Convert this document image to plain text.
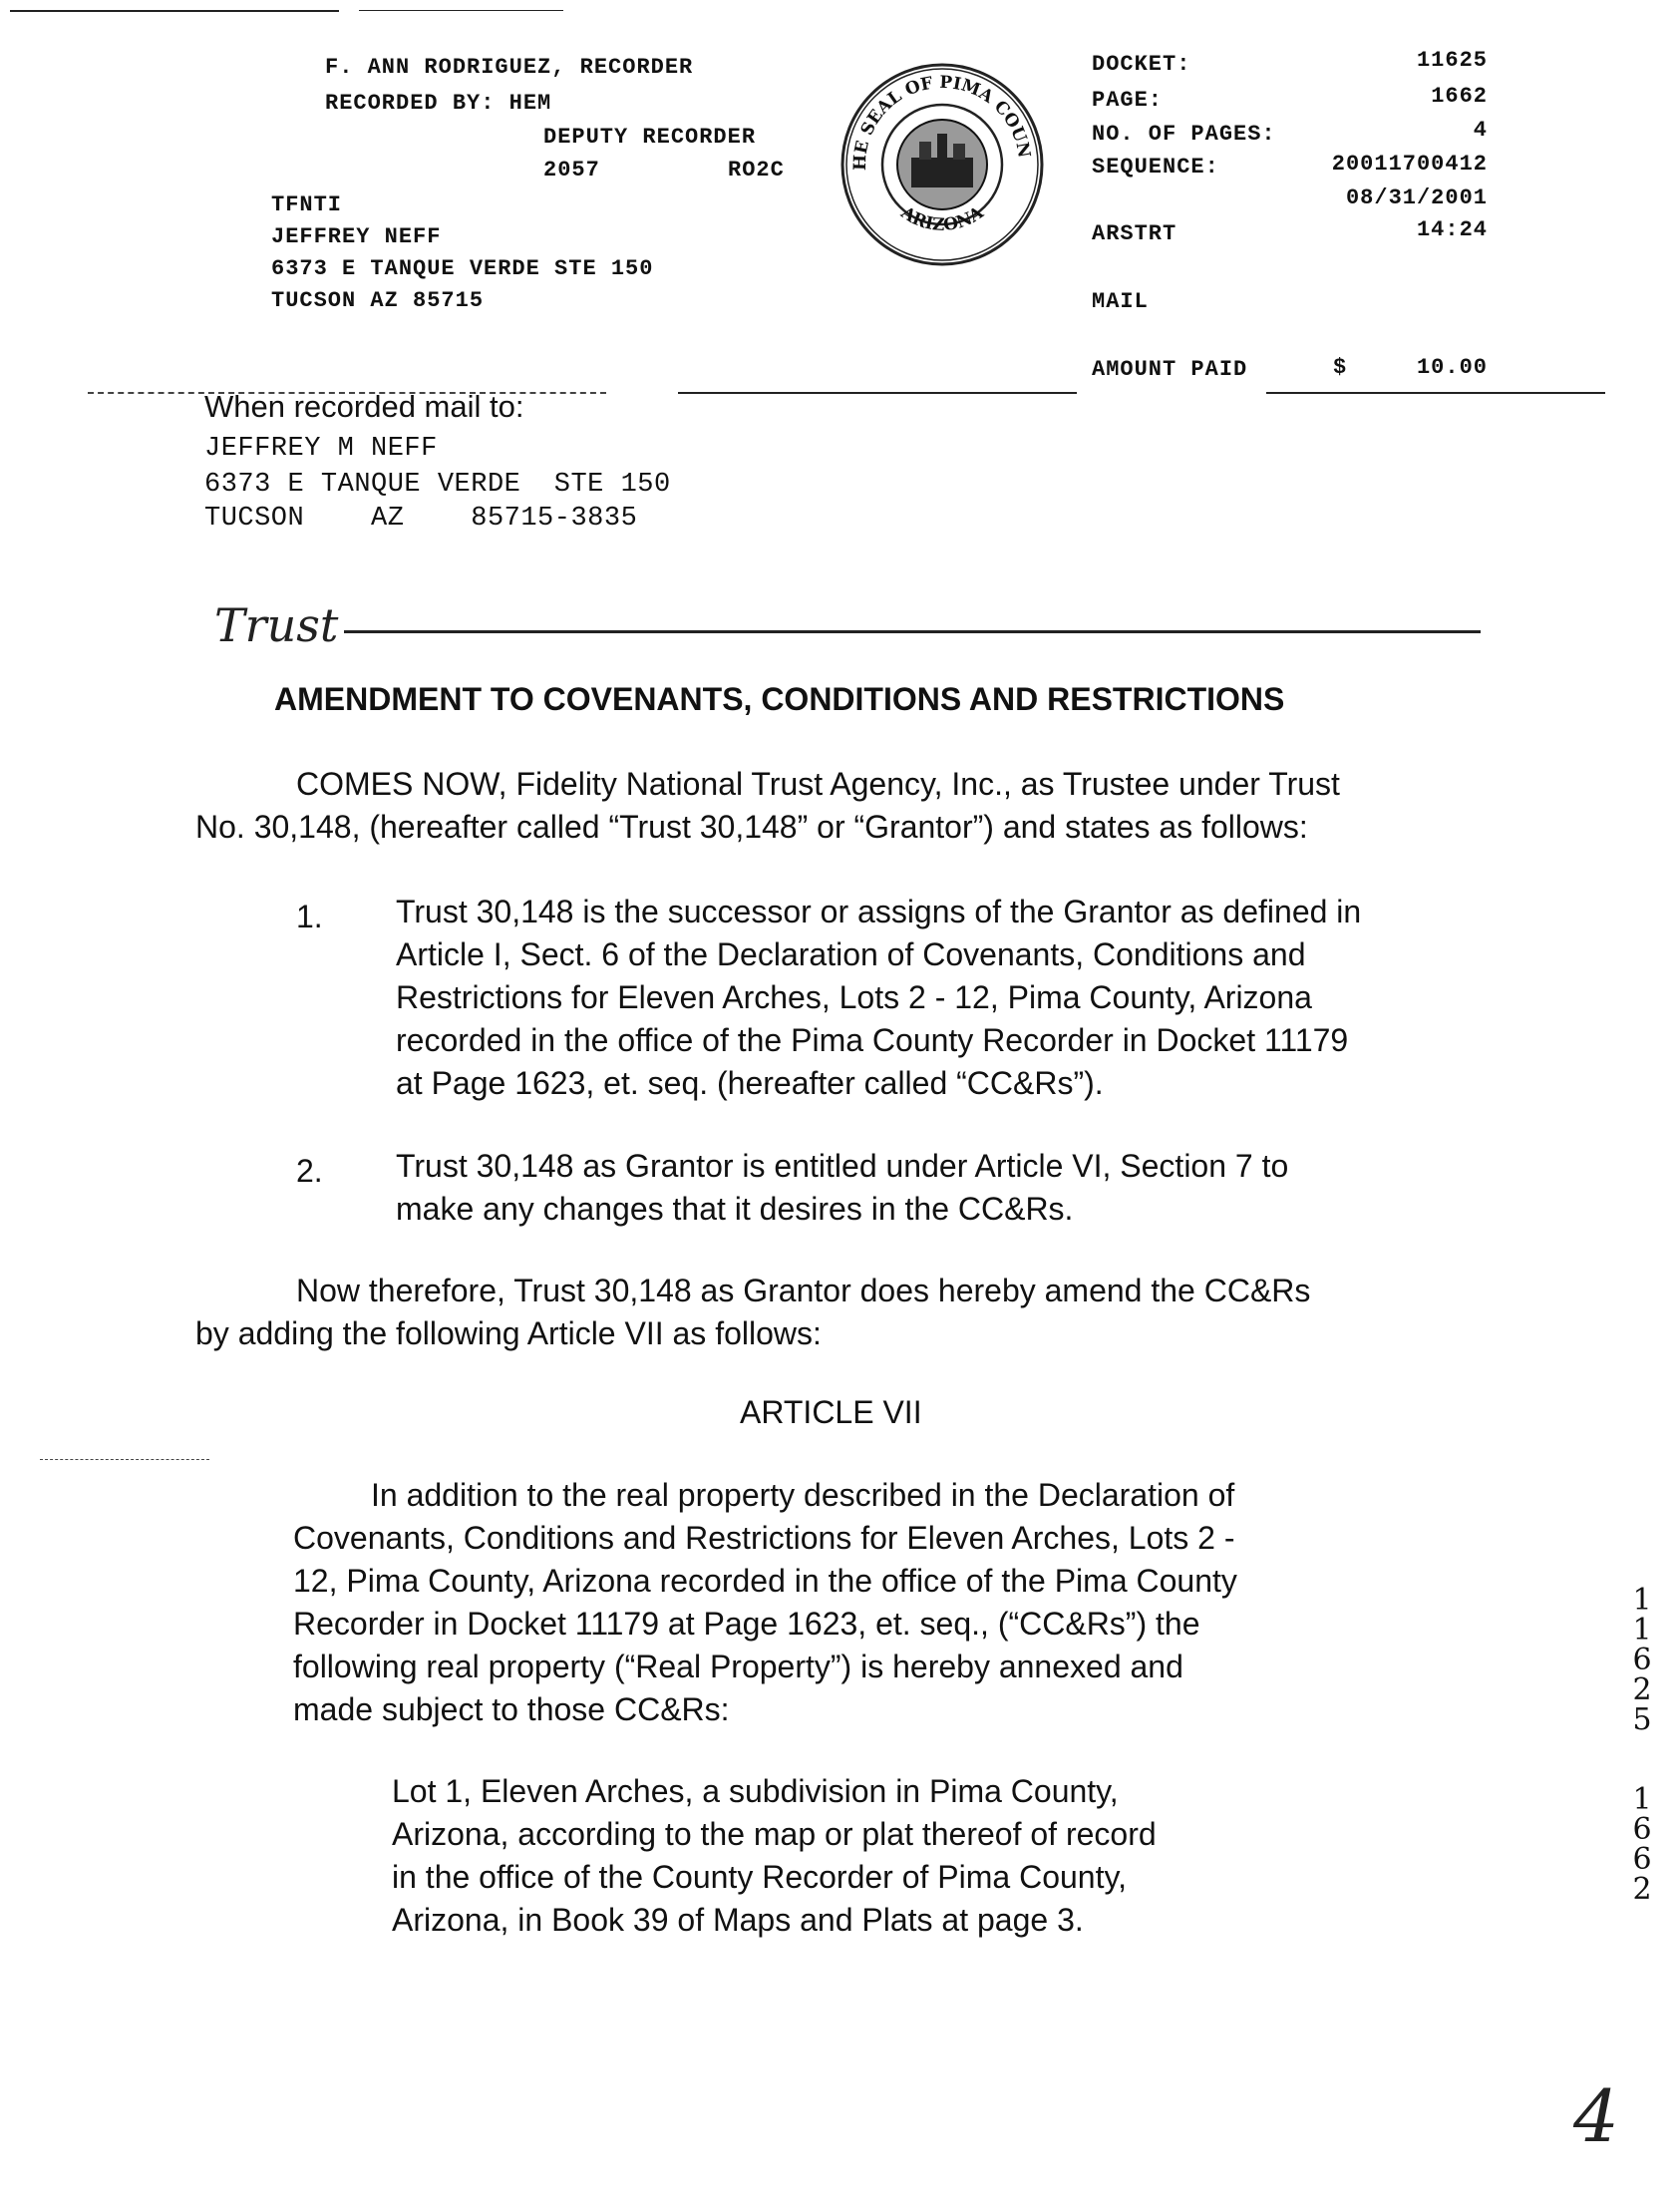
F. ANN RODRIGUEZ, RECORDER
RECORDED BY: HEM
DEPUTY RECORDER
2057	RO2C
TFNTI
JEFFREY NEFF
6373 E TANQUE VERDE STE 150
TUCSON AZ 85715
HE SEAL OF PIMA COUN
ARIZONA
DOCKET:	11625
PAGE:	1662
NO. OF PAGES:	4
SEQUENCE:	20011700412
08/31/2001
ARSTRT	14:24
MAIL
AMOUNT PAID	$	10.00
When recorded mail to:
JEFFREY M NEFF
6373 E TANQUE VERDE  STE 150
TUCSON    AZ    85715-3835
Trust
AMENDMENT TO COVENANTS, CONDITIONS AND RESTRICTIONS
COMES NOW, Fidelity National Trust Agency, Inc., as Trustee under Trust
No. 30,148, (hereafter called “Trust 30,148” or “Grantor”) and states as follows:
1. Trust 30,148 is the successor or assigns of the Grantor as defined in
Article I, Sect. 6 of the Declaration of Covenants, Conditions and
Restrictions for Eleven Arches, Lots 2 - 12, Pima County, Arizona
recorded in the office of the Pima County Recorder in Docket 11179
at Page 1623, et. seq. (hereafter called “CC&Rs”).
2. Trust 30,148 as Grantor is entitled under Article VI, Section 7 to
make any changes that it desires in the CC&Rs.
Now therefore, Trust 30,148 as Grantor does hereby amend the CC&Rs
by adding the following Article VII as follows:
ARTICLE VII
In addition to the real property described in the Declaration of
Covenants, Conditions and Restrictions for Eleven Arches, Lots 2 -
12, Pima County, Arizona recorded in the office of the Pima County
Recorder in Docket 11179 at Page 1623, et. seq., (“CC&Rs”) the
following real property (“Real Property”) is hereby annexed and
made subject to those CC&Rs:
Lot 1, Eleven Arches, a subdivision in Pima County,
Arizona, according to the map or plat thereof of record
in the office of the County Recorder of Pima County,
Arizona, in Book 39 of Maps and Plats at page 3.
1
1
6
2
5
1
6
6
2
4
